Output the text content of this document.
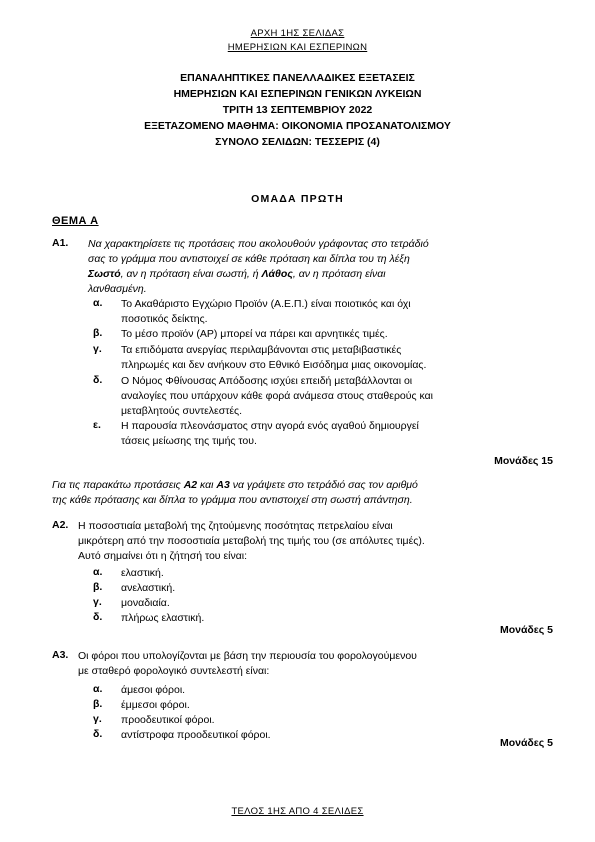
ΑΡΧΗ 1ΗΣ ΣΕΛΙΔΑΣ
ΗΜΕΡΗΣΙΩΝ ΚΑΙ ΕΣΠΕΡΙΝΩΝ
ΕΠΑΝΑΛΗΠΤΙΚΕΣ ΠΑΝΕΛΛΑΔΙΚΕΣ ΕΞΕΤΑΣΕΙΣ
ΗΜΕΡΗΣΙΩΝ ΚΑΙ ΕΣΠΕΡΙΝΩΝ ΓΕΝΙΚΩΝ ΛΥΚΕΙΩΝ
ΤΡΙΤΗ 13 ΣΕΠΤΕΜΒΡΙΟΥ 2022
ΕΞΕΤΑΖΟΜΕΝΟ ΜΑΘΗΜΑ: ΟΙΚΟΝΟΜΙΑ ΠΡΟΣΑΝΑΤΟΛΙΣΜΟΥ
ΣΥΝΟΛΟ ΣΕΛΙΔΩΝ: ΤΕΣΣΕΡΙΣ (4)
ΟΜΑΔΑ ΠΡΩΤΗ
ΘΕΜΑ Α
Α1. Να χαρακτηρίσετε τις προτάσεις που ακολουθούν γράφοντας στο τετράδιό
σας το γράμμα που αντιστοιχεί σε κάθε πρόταση και δίπλα του τη λέξη
Σωστό, αν η πρόταση είναι σωστή, ή Λάθος, αν η πρόταση είναι
λανθασμένη.
α. Το Ακαθάριστο Εγχώριο Προϊόν (Α.Ε.Π.) είναι ποιοτικός και όχι
ποσοτικός δείκτης.
β. Το μέσο προϊόν (ΑΡ) μπορεί να πάρει και αρνητικές τιμές.
γ. Τα επιδόματα ανεργίας περιλαμβάνονται στις μεταβιβαστικές
πληρωμές και δεν ανήκουν στο Εθνικό Εισόδημα μιας οικονομίας.
δ. Ο Νόμος Φθίνουσας Απόδοσης ισχύει επειδή μεταβάλλονται οι
αναλογίες που υπάρχουν κάθε φορά ανάμεσα στους σταθερούς και
μεταβλητούς συντελεστές.
ε. Η παρουσία πλεονάσματος στην αγορά ενός αγαθού δημιουργεί
τάσεις μείωσης της τιμής του.
Μονάδες 15
Για τις παρακάτω προτάσεις Α2 και Α3 να γράψετε στο τετράδιό σας τον αριθμό
της κάθε πρότασης και δίπλα το γράμμα που αντιστοιχεί στη σωστή απάντηση.
Α2. Η ποσοστιαία μεταβολή της ζητούμενης ποσότητας πετρελαίου είναι
μικρότερη από την ποσοστιαία μεταβολή της τιμής του (σε απόλυτες τιμές).
Αυτό σημαίνει ότι η ζήτησή του είναι:
α. ελαστική.
β. ανελαστική.
γ. μοναδιαία.
δ. πλήρως ελαστική.
Μονάδες 5
Α3. Οι φόροι που υπολογίζονται με βάση την περιουσία του φορολογούμενου
με σταθερό φορολογικό συντελεστή είναι:
α. άμεσοι φόροι.
β. έμμεσοι φόροι.
γ. προοδευτικοί φόροι.
δ. αντίστροφα προοδευτικοί φόροι.
Μονάδες 5
ΤΕΛΟΣ 1ΗΣ ΑΠΟ 4 ΣΕΛΙΔΕΣ
